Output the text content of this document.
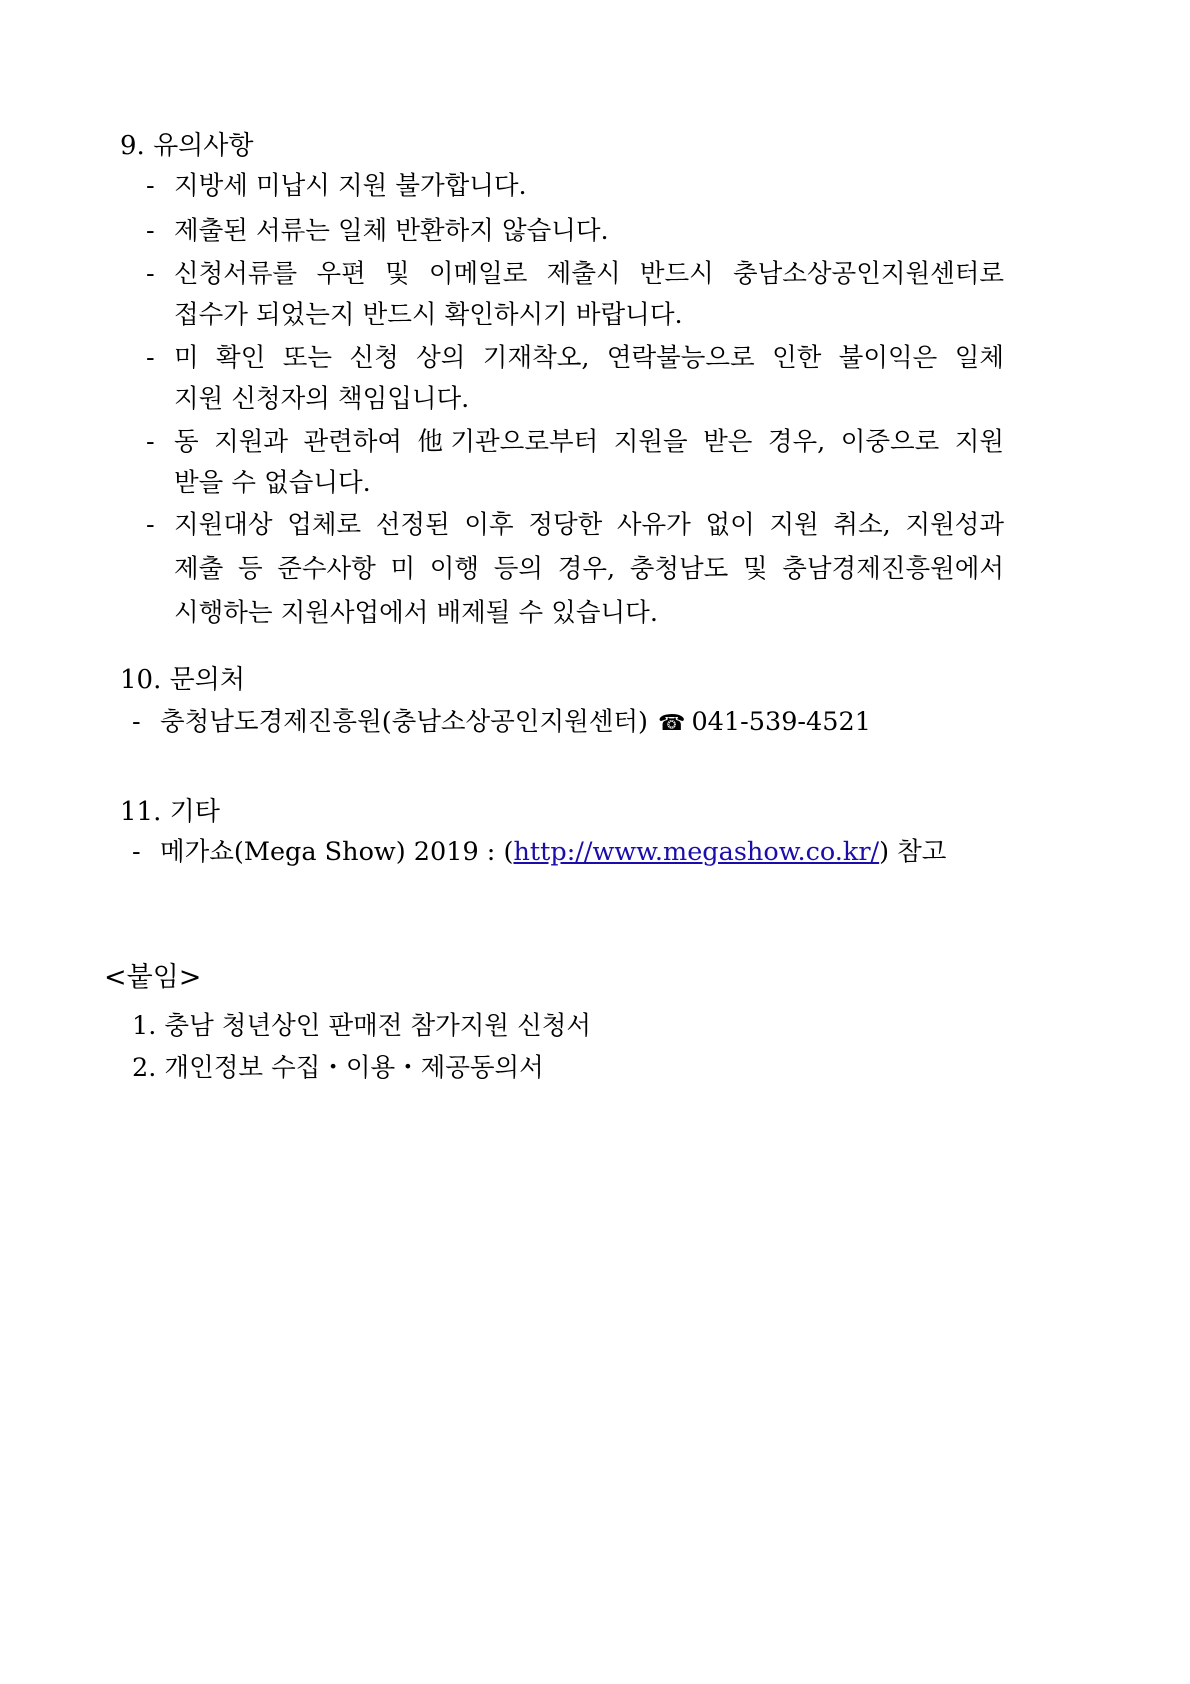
9. 유의사항
- 지방세 미납시 지원 불가합니다.
- 제출된 서류는 일체 반환하지 않습니다.
- 신청서류를 우편 및 이메일로 제출시 반드시 충남소상공인지원센터로
접수가 되었는지 반드시 확인하시기 바랍니다.
- 미 확인 또는 신청 상의 기재착오, 연락불능으로 인한 불이익은 일체
지원 신청자의 책임입니다.
- 동 지원과 관련하여 他기관으로부터 지원을 받은 경우, 이중으로 지원
받을 수 없습니다.
- 지원대상 업체로 선정된 이후 정당한 사유가 없이 지원 취소, 지원성과
제출 등 준수사항 미 이행 등의 경우, 충청남도 및 충남경제진흥원에서
시행하는 지원사업에서 배제될 수 있습니다.
10. 문의처
- 충청남도경제진흥원(충남소상공인지원센터) ☎ 041-539-4521
11. 기타
- 메가쇼(Mega Show) 2019 : (http://www.megashow.co.kr/) 참고
<붙임>
1. 충남 청년상인 판매전 참가지원 신청서
2. 개인정보 수집・이용・제공동의서
